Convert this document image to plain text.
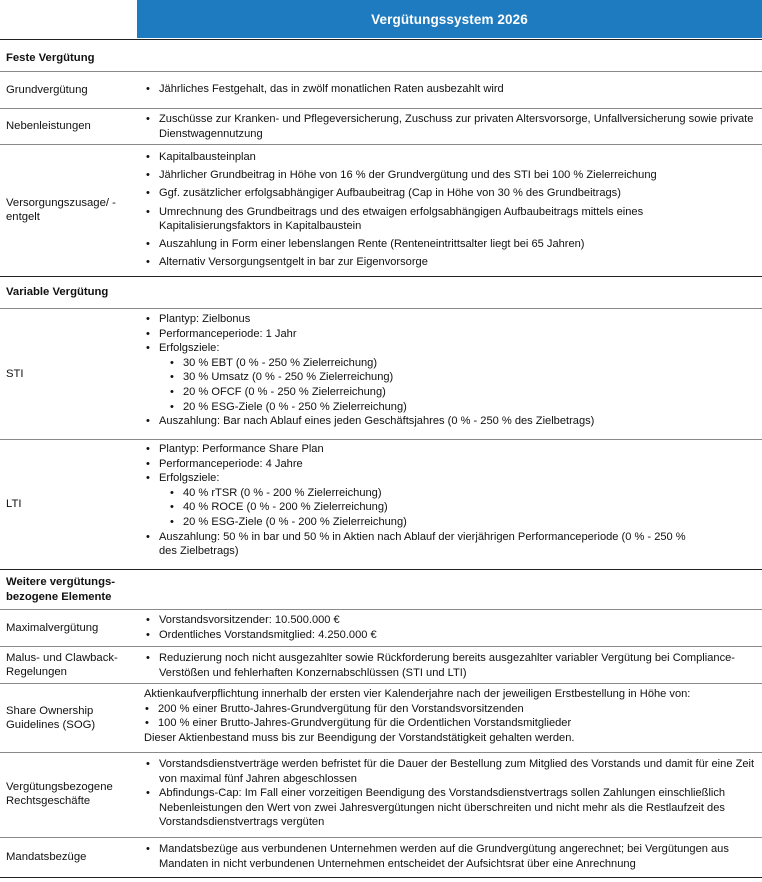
Vergütungssystem 2026
Feste Vergütung
Grundvergütung
•	Jährliches Festgehalt, das in zwölf monatlichen Raten ausbezahlt wird
Nebenleistungen
• Zuschüsse zur Kranken- und Pflegeversicherung, Zuschuss zur privaten Altersvorsorge, Unfallversicherung sowie private Dienstwagennutzung
Versorgungszusage/ -entgelt
• Kapitalbausteinplan
• Jährlicher Grundbeitrag in Höhe von 16 % der Grundvergütung und des STI bei 100 % Zielerreichung
• Ggf. zusätzlicher erfolgsabhängiger Aufbaubeitrag (Cap in Höhe von 30 % des Grundbeitrags)
• Umrechnung des Grundbeitrags und des etwaigen erfolgsabhängigen Aufbaubeitrags mittels eines Kapitalisierungsfaktors in Kapitalbaustein
• Auszahlung in Form einer lebenslangen Rente (Renteneintrittsalter liegt bei 65 Jahren)
• Alternativ Versorgungsentgelt in bar zur Eigenvorsorge
Variable Vergütung
STI
• Plantyp: Zielbonus
• Performanceperiode: 1 Jahr
• Erfolgsziele:
• 30 % EBT (0 % - 250 % Zielerreichung)
• 30 % Umsatz (0 % - 250 % Zielerreichung)
• 20 % OFCF (0 % - 250 % Zielerreichung)
• 20 % ESG-Ziele (0 % - 250 % Zielerreichung)
• Auszahlung: Bar nach Ablauf eines jeden Geschäftsjahres (0 % - 250 % des Zielbetrags)
LTI
• Plantyp: Performance Share Plan
• Performanceperiode: 4 Jahre
• Erfolgsziele:
• 40 % rTSR (0 % - 200 % Zielerreichung)
• 40 % ROCE (0 % - 200 % Zielerreichung)
• 20 % ESG-Ziele (0 % - 200 % Zielerreichung)
• Auszahlung: 50 % in bar und 50 % in Aktien nach Ablauf der vierjährigen Performanceperiode (0 % - 250 % des Zielbetrags)
Weitere vergütungs-
bezogene Elemente
Maximalvergütung
• Vorstandsvorsitzender: 10.500.000 €
• Ordentliches Vorstandsmitglied: 4.250.000 €
Malus- und Clawback-Regelungen
• Reduzierung noch nicht ausgezahlter sowie Rückforderung bereits ausgezahlter variabler Vergütung bei Compliance-Verstößen und fehlerhaften Konzernabschlüssen (STI und LTI)
Share Ownership Guidelines (SOG)
Aktienkaufverpflichtung innerhalb der ersten vier Kalenderjahre nach der jeweiligen Erstbestellung in Höhe von:
• 200 % einer Brutto-Jahres-Grundvergütung für den Vorstandsvorsitzenden
• 100 % einer Brutto-Jahres-Grundvergütung für die Ordentlichen Vorstandsmitglieder
Dieser Aktienbestand muss bis zur Beendigung der Vorstandstätigkeit gehalten werden.
Vergütungsbezogene Rechtsgeschäfte
• Vorstandsdienstverträge werden befristet für die Dauer der Bestellung zum Mitglied des Vorstands und damit für eine Zeit von maximal fünf Jahren abgeschlossen
• Abfindungs-Cap: Im Fall einer vorzeitigen Beendigung des Vorstandsdienstvertrags sollen Zahlungen einschließlich Nebenleistungen den Wert von zwei Jahresvergütungen nicht überschreiten und nicht mehr als die Restlaufzeit des Vorstandsdienstvertrags vergüten
Mandatsbezüge
• Mandatsbezüge aus verbundenen Unternehmen werden auf die Grundvergütung angerechnet; bei Vergütungen aus Mandaten in nicht verbundenen Unternehmen entscheidet der Aufsichtsrat über eine Anrechnung
